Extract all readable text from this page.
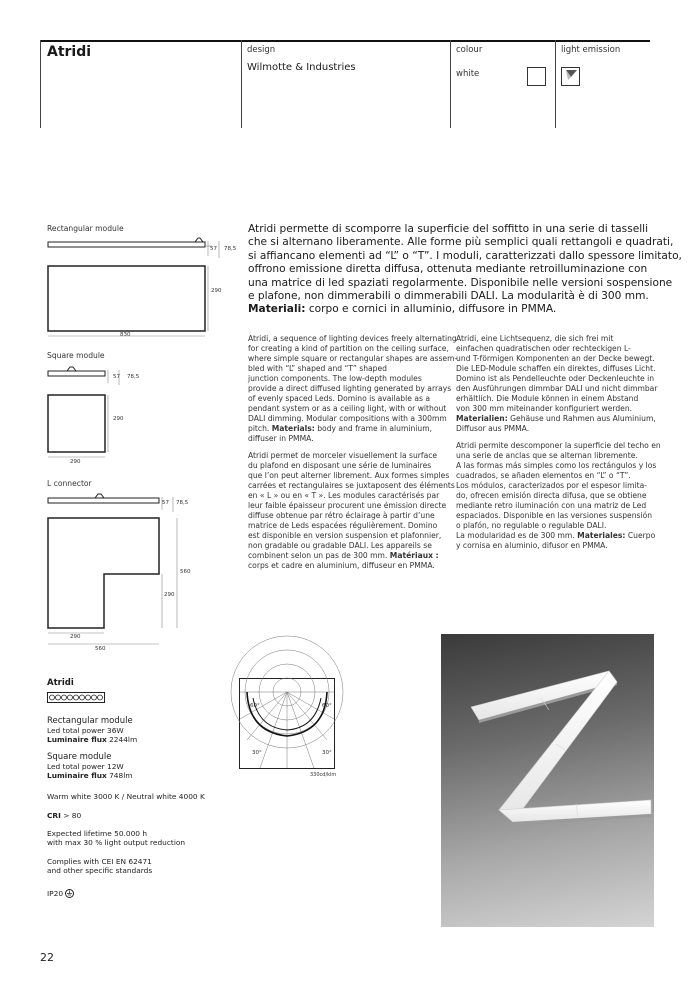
Atridi	design
Wilmotte & Industries
colour
white
light emission
Rectangular module
57 78,5
290
830
Square module
57 78,5
290
290
L connector
57 78,5
560
290
290
560
Atridi permette di scomporre la superficie del soffitto in una serie di tasselli
che si alternano liberamente. Alle forme più semplici quali rettangoli e quadrati,
si affiancano elementi ad “L” o “T”. I moduli, caratterizzati dallo spessore limitato,
offrono emissione diretta diffusa, ottenuta mediante retroilluminazione con
una matrice di led spaziati regolarmente. Disponibile nelle versioni sospensione
e plafone, non dimmerabili o dimmerabili DALI. La modularità è di 300 mm.
Materiali: corpo e cornici in alluminio, diffusore in PMMA.
Atridi, a sequence of lighting devices freely alternating
for creating a kind of partition on the ceiling surface,
where simple square or rectangular shapes are assem-
bled with “L” shaped and “T” shaped
junction components. The low-depth modules
provide a direct diffused lighting generated by arrays
of evenly spaced Leds. Domino is available as a
pendant system or as a ceiling light, with or without
DALI dimming. Modular compositions with a 300mm
pitch. Materials: body and frame in aluminium,
diffuser in PMMA.
Atridi permet de morceler visuellement la surface
du plafond en disposant une série de luminaires
que l’on peut alterner librement. Aux formes simples
carrées et rectangulaires se juxtaposent des éléments
en « L » ou en « T ». Les modules caractérisés par
leur faible épaisseur procurent une émission directe
diffuse obtenue par rétro éclairage à partir d’une
matrice de Leds espacées régulièrement. Domino
est disponible en version suspension et plafonnier,
non gradable ou gradable DALI. Les appareils se
combinent selon un pas de 300 mm. Matériaux :
corps et cadre en aluminium, diffuseur en PMMA.
Atridi, eine Lichtsequenz, die sich frei mit
einfachen quadratischen oder rechteckigen L-
und T-förmigen Komponenten an der Decke bewegt.
Die LED-Module schaffen ein direktes, diffuses Licht.
Domino ist als Pendelleuchte oder Deckenleuchte in
den Ausführungen dimmbar DALI und nicht dimmbar
erhältlich. Die Module können in einem Abstand
von 300 mm miteinander konfiguriert werden.
Materialien: Gehäuse und Rahmen aus Aluminium,
Diffusor aus PMMA.
Atridi permite descomponer la superficie del techo en
una serie de anclas que se alternan libremente.
A las formas más simples como los rectángulos y los
cuadrados, se añaden elementos en “L” o “T”.
Los módulos, caracterizados por el espesor limita-
do, ofrecen emisión directa difusa, que se obtiene
mediante retro iluminación con una matriz de Led
espaciados. Disponible en las versiones suspensión
o plafón, no regulable o regulable DALI.
La modularidad es de 300 mm. Materiales: Cuerpo
y cornisa en aluminio, difusor en PMMA.
Atridi
Rectangular module
Led total power 36W
Luminaire flux 2244lm
Square module
Led total power 12W
Luminaire flux 748lm
Warm white 3000 K / Neutral white 4000 K
CRI > 80
Expected lifetime 50.000 h
with max 30 % light output reduction
Complies with CEI EN 62471
and other specific standards
IP20
60°	60°
30°	30°
330cd/klm
22
